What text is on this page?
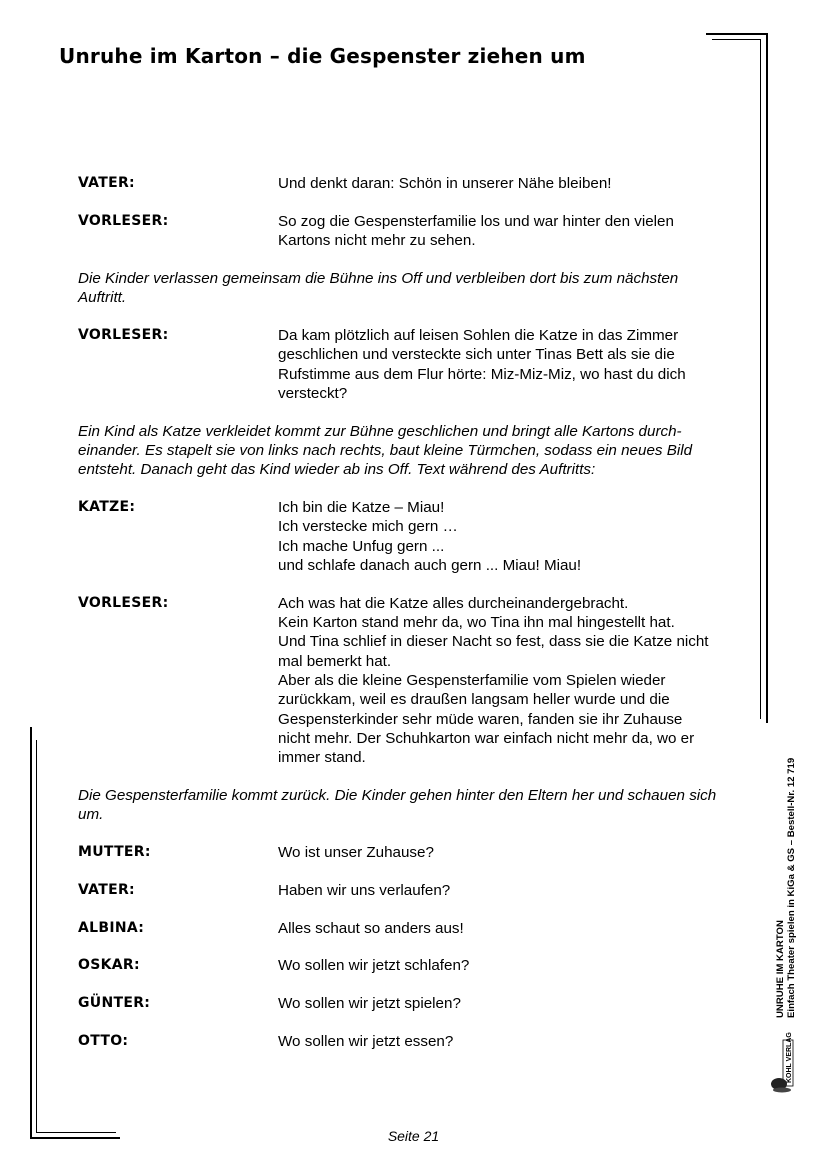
Unruhe im Karton – die Gespenster ziehen um
VATER:	Und denkt daran: Schön in unserer Nähe bleiben!
VORLESER:	So zog die Gespensterfamilie los und war hinter den vielen
Kartons nicht mehr zu sehen.
Die Kinder verlassen gemeinsam die Bühne ins Off und verbleiben dort bis zum nächsten Auftritt.
VORLESER:	Da kam plötzlich auf leisen Sohlen die Katze in das Zimmer
geschlichen und versteckte sich unter Tinas Bett als sie die
Rufstimme aus dem Flur hörte: Miz-Miz-Miz, wo hast du dich
versteckt?
Ein Kind als Katze verkleidet kommt zur Bühne geschlichen und bringt alle Kartons durch-einander. Es stapelt sie von links nach rechts, baut kleine Türmchen, sodass ein neues Bild entsteht. Danach geht das Kind wieder ab ins Off. Text während des Auftritts:
KATZE:	Ich bin die Katze – Miau!
Ich verstecke mich gern …
Ich mache Unfug gern ...
und schlafe danach auch gern ... Miau! Miau!
VORLESER:	Ach was hat die Katze alles durcheinandergebracht.
Kein Karton stand mehr da, wo Tina ihn mal hingestellt hat.
Und Tina schlief in dieser Nacht so fest, dass sie die Katze nicht
mal bemerkt hat.
Aber als die kleine Gespensterfamilie vom Spielen wieder
zurückkam, weil es draußen langsam heller wurde und die
Gespensterkinder sehr müde waren, fanden sie ihr Zuhause
nicht mehr. Der Schuhkarton war einfach nicht mehr da, wo er
immer stand.
Die Gespensterfamilie kommt zurück. Die Kinder gehen hinter den Eltern her und schauen sich um.
MUTTER:	Wo ist unser Zuhause?
VATER:	Haben wir uns verlaufen?
ALBINA:	Alles schaut so anders aus!
OSKAR:	Wo sollen wir jetzt schlafen?
GÜNTER:	Wo sollen wir jetzt spielen?
OTTO:	Wo sollen wir jetzt essen?
UNRUHE IM KARTON Einfach Theater spielen in KiGa & GS – Bestell-Nr. 12 719
KOHL VERLAG
Seite 21
